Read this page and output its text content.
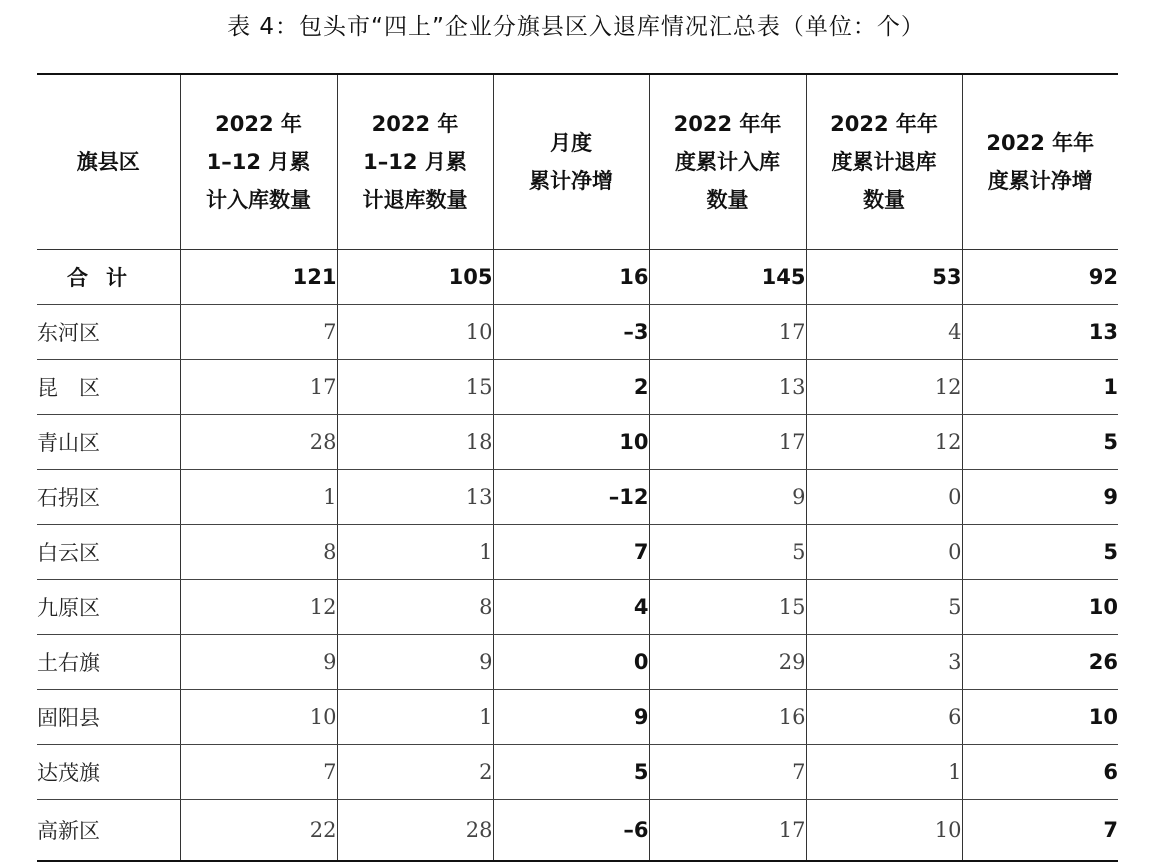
表 4：包头市“四上”企业分旗县区入退库情况汇总表（单位：个）
旗县区	2022 年
1–12 月累
计入库数量	2022 年
1–12 月累
计退库数量	月度
累计净增	2022 年年
度累计入库
数量	2022 年年
度累计退库
数量	2022 年年
度累计净增
合计	121	105	16	145	53	92
东河区	7	10	–3	17	4	13
昆　区	17	15	2	13	12	1
青山区	28	18	10	17	12	5
石拐区	1	13	–12	9	0	9
白云区	8	1	7	5	0	5
九原区	12	8	4	15	5	10
土右旗	9	9	0	29	3	26
固阳县	10	1	9	16	6	10
达茂旗	7	2	5	7	1	6
高新区	22	28	–6	17	10	7
